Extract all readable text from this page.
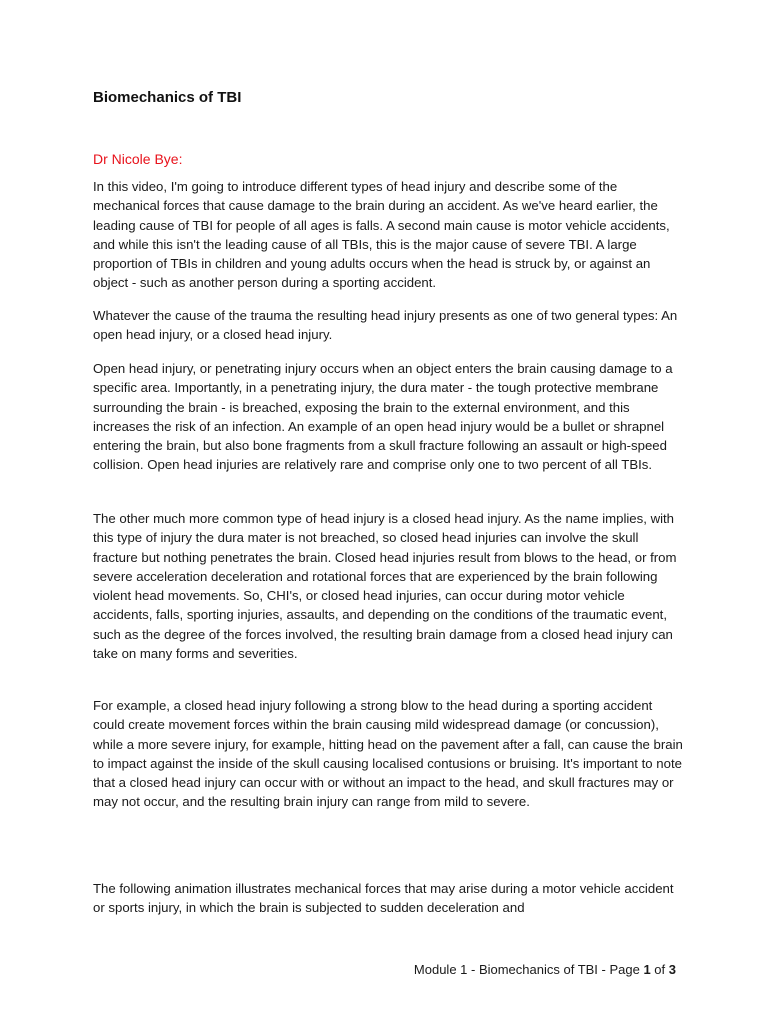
Biomechanics of TBI

Dr Nicole Bye:

In this video, I'm going to introduce different types of head injury and describe some of the mechanical forces that cause damage to the brain during an accident. As we've heard earlier, the leading cause of TBI for people of all ages is falls. A second main cause is motor vehicle accidents, and while this isn't the leading cause of all TBIs, this is the major cause of severe TBI. A large proportion of TBIs in children and young adults occurs when the head is struck by, or against an object - such as another person during a sporting accident.

Whatever the cause of the trauma the resulting head injury presents as one of two general types: An open head injury, or a closed head injury.

Open head injury, or penetrating injury occurs when an object enters the brain causing damage to a specific area. Importantly, in a penetrating injury, the dura mater - the tough protective membrane surrounding the brain - is breached, exposing the brain to the external environment, and this increases the risk of an infection. An example of an open head injury would be a bullet or shrapnel entering the brain, but also bone fragments from a skull fracture following an assault or high-speed collision. Open head injuries are relatively rare and comprise only one to two percent of all TBIs.

The other much more common type of head injury is a closed head injury. As the name implies, with this type of injury the dura mater is not breached, so closed head injuries can involve the skull fracture but nothing penetrates the brain. Closed head injuries result from blows to the head, or from severe acceleration deceleration and rotational forces that are experienced by the brain following violent head movements. So, CHI's, or closed head injuries, can occur during motor vehicle accidents, falls, sporting injuries, assaults, and depending on the conditions of the traumatic event, such as the degree of the forces involved, the resulting brain damage from a closed head injury can take on many forms and severities.

For example, a closed head injury following a strong blow to the head during a sporting accident could create movement forces within the brain causing mild widespread damage (or concussion), while a more severe injury, for example, hitting head on the pavement after a fall, can cause the brain to impact against the inside of the skull causing localised contusions or bruising. It's important to note that a closed head injury can occur with or without an impact to the head, and skull fractures may or may not occur, and the resulting brain injury can range from mild to severe.

The following animation illustrates mechanical forces that may arise during a motor vehicle accident or sports injury, in which the brain is subjected to sudden deceleration and

Module 1 - Biomechanics of TBI - Page 1 of 3
